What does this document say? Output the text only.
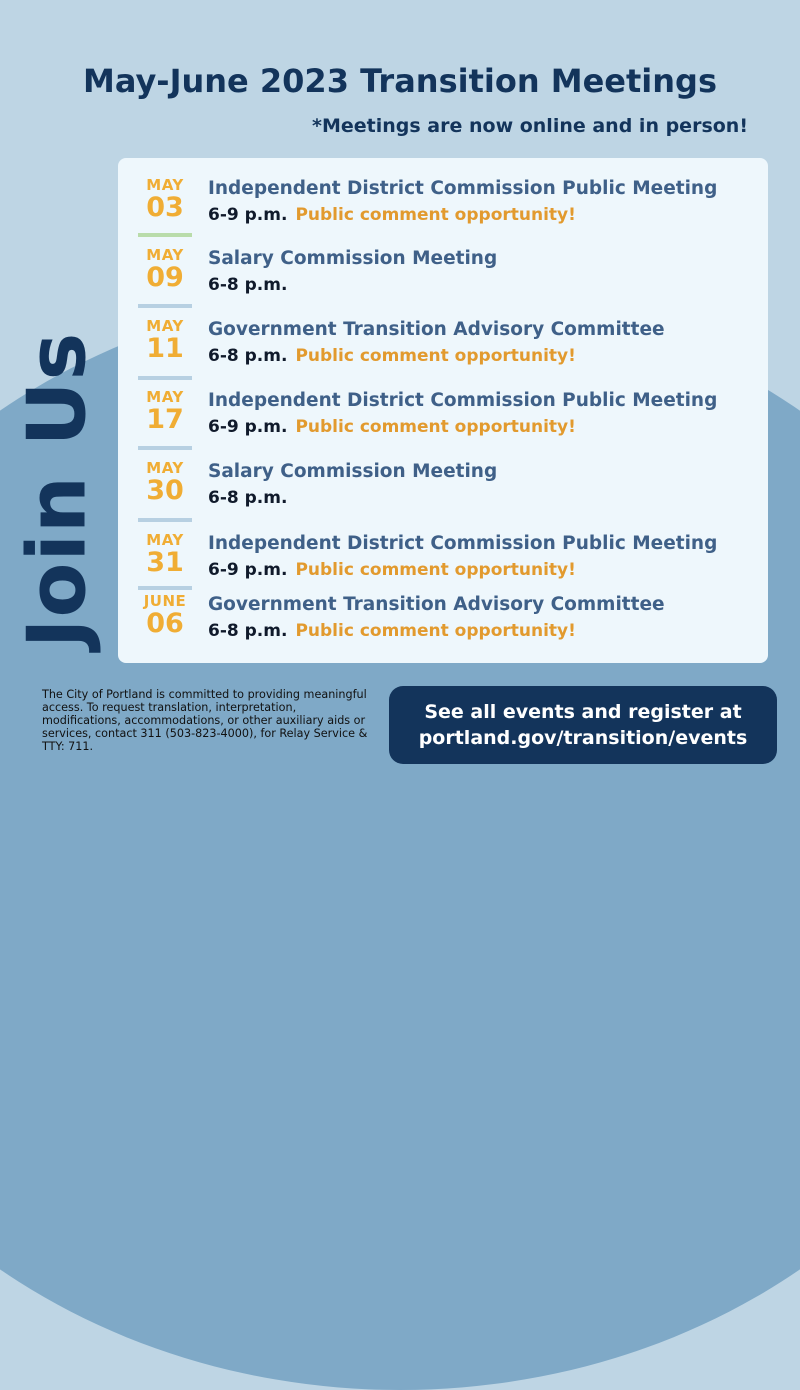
May-June 2023 Transition Meetings
*Meetings are now online and in person!
Join Us
MAY
03
Independent District Commission Public Meeting
6-9 p.m. Public comment opportunity!
MAY
09
Salary Commission Meeting
6-8 p.m.
MAY
11
Government Transition Advisory Committee
6-8 p.m. Public comment opportunity!
MAY
17
Independent District Commission Public Meeting
6-9 p.m. Public comment opportunity!
MAY
30
Salary Commission Meeting
6-8 p.m.
MAY
31
Independent District Commission Public Meeting
6-9 p.m. Public comment opportunity!
JUNE
06
Government Transition Advisory Committee
6-8 p.m. Public comment opportunity!
The City of Portland is committed to providing meaningful access. To request translation, interpretation, modifications, accommodations, or other auxiliary aids or services, contact 311 (503-823-4000), for Relay Service & TTY: 711.
See all events and register at
portland.gov/transition/events
